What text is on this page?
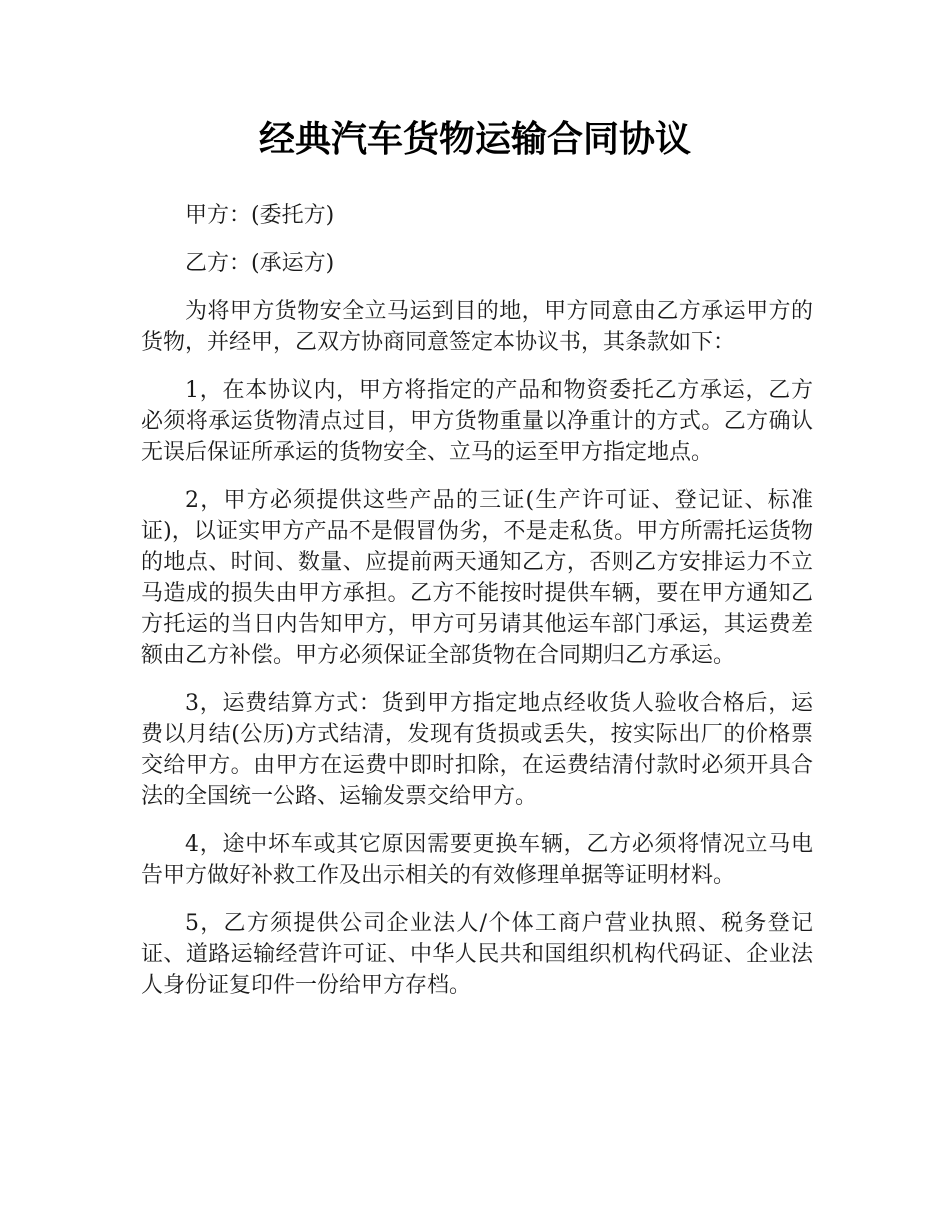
经典汽车货物运输合同协议

甲方：(委托方)

乙方：(承运方)

为将甲方货物安全立马运到目的地，甲方同意由乙方承运甲方的货物，并经甲，乙双方协商同意签定本协议书，其条款如下：

1，在本协议内，甲方将指定的产品和物资委托乙方承运，乙方必须将承运货物清点过目，甲方货物重量以净重计的方式。乙方确认无误后保证所承运的货物安全、立马的运至甲方指定地点。

2，甲方必须提供这些产品的三证(生产许可证、登记证、标准证)，以证实甲方产品不是假冒伪劣，不是走私货。甲方所需托运货物的地点、时间、数量、应提前两天通知乙方，否则乙方安排运力不立马造成的损失由甲方承担。乙方不能按时提供车辆，要在甲方通知乙方托运的当日内告知甲方，甲方可另请其他运车部门承运，其运费差额由乙方补偿。甲方必须保证全部货物在合同期归乙方承运。

3，运费结算方式：货到甲方指定地点经收货人验收合格后，运费以月结(公历)方式结清，发现有货损或丢失，按实际出厂的价格票交给甲方。由甲方在运费中即时扣除，在运费结清付款时必须开具合法的全国统一公路、运输发票交给甲方。

4，途中坏车或其它原因需要更换车辆，乙方必须将情况立马电告甲方做好补救工作及出示相关的有效修理单据等证明材料。

5，乙方须提供公司企业法人/个体工商户营业执照、税务登记证、道路运输经营许可证、中华人民共和国组织机构代码证、企业法人身份证复印件一份给甲方存档。
